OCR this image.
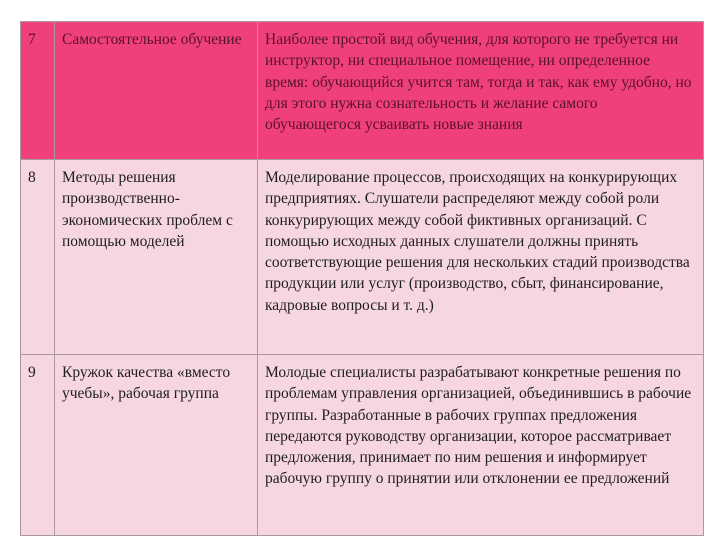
7	Самостоятельное обучение	Наиболее простой вид обучения, для которого не требуется ни инструктор, ни специальное помещение, ни определенное время: обучающийся учится там, тогда и так, как ему удобно, но для этого нужна сознательность и желание самого обучающегося усваивать новые знания
8	Методы решения производственно-экономических проблем с помощью моделей	Моделирование процессов, происходящих на конкурирующих предприятиях. Слушатели распределяют между собой роли конкурирующих между собой фиктивных организаций. С помощью исходных данных слушатели должны принять соответствующие решения для нескольких стадий производства продукции или услуг (производство, сбыт, финансирование, кадровые вопросы и т. д.)
9	Кружок качества «вместо учебы», рабочая группа	Молодые специалисты разрабатывают конкретные решения по проблемам управления организацией, объединившись в рабочие группы. Разработанные в рабочих группах предложения передаются руководству организации, которое рассматривает предложения, принимает по ним решения и информирует рабочую группу о принятии или отклонении ее предложений
